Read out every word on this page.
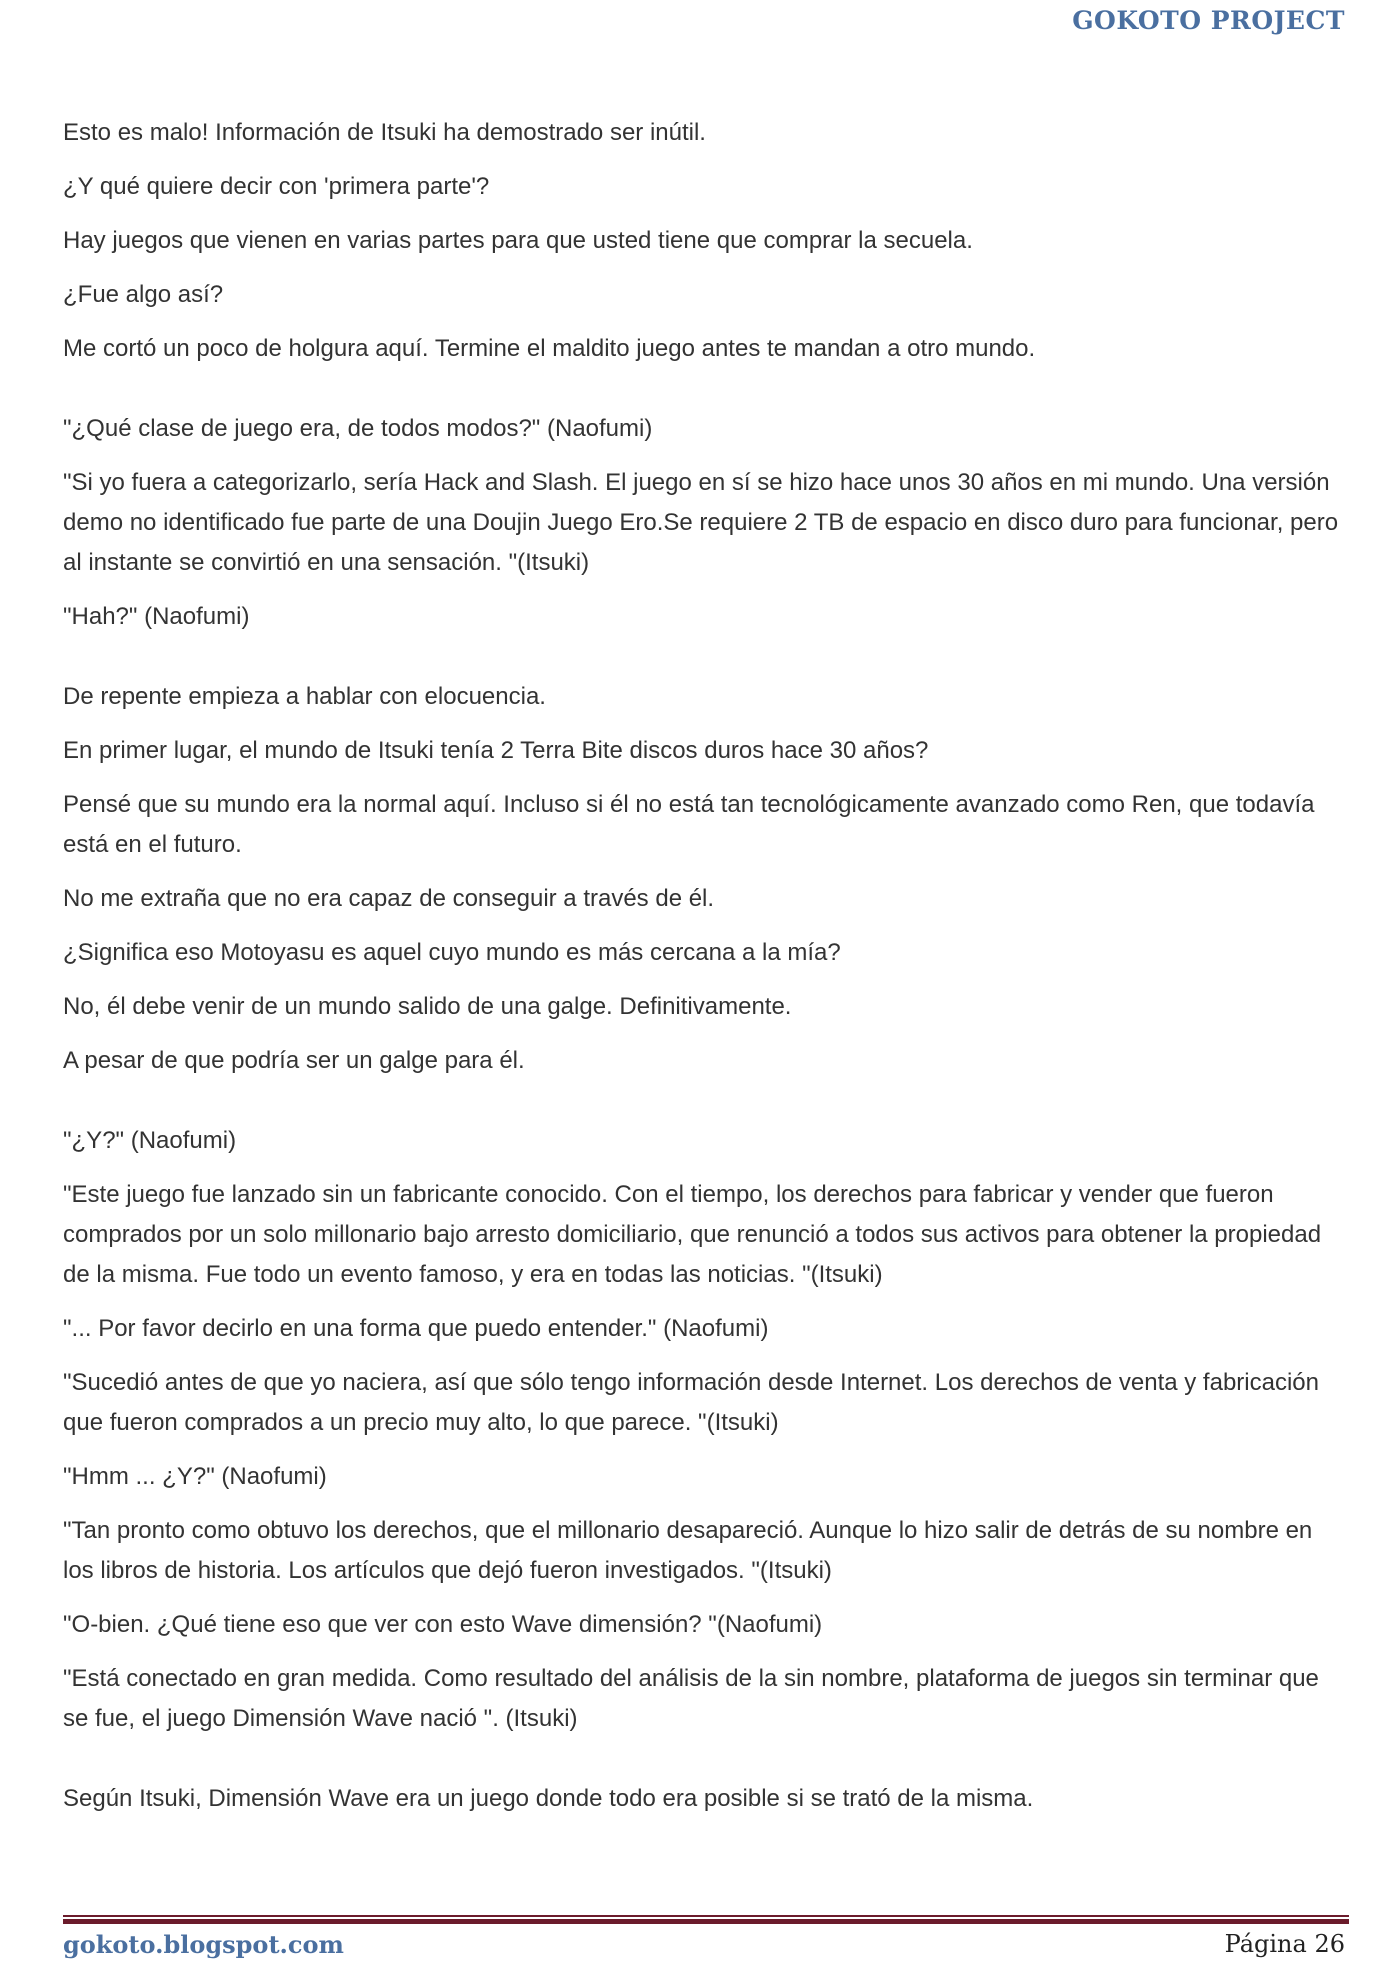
GOKOTO PROJECT

Esto es malo! Información de Itsuki ha demostrado ser inútil.

¿Y qué quiere decir con 'primera parte'?

Hay juegos que vienen en varias partes para que usted tiene que comprar la secuela.

¿Fue algo así?

Me cortó un poco de holgura aquí. Termine el maldito juego antes te mandan a otro mundo.

"¿Qué clase de juego era, de todos modos?" (Naofumi)

"Si yo fuera a categorizarlo, sería Hack and Slash. El juego en sí se hizo hace unos 30 años en mi mundo. Una versión demo no identificado fue parte de una Doujin Juego Ero.Se requiere 2 TB de espacio en disco duro para funcionar, pero al instante se convirtió en una sensación. "(Itsuki)

"Hah?" (Naofumi)

De repente empieza a hablar con elocuencia.

En primer lugar, el mundo de Itsuki tenía 2 Terra Bite discos duros hace 30 años?

Pensé que su mundo era la normal aquí. Incluso si él no está tan tecnológicamente avanzado como Ren, que todavía está en el futuro.

No me extraña que no era capaz de conseguir a través de él.

¿Significa eso Motoyasu es aquel cuyo mundo es más cercana a la mía?

No, él debe venir de un mundo salido de una galge. Definitivamente.

A pesar de que podría ser un galge para él.

"¿Y?" (Naofumi)

"Este juego fue lanzado sin un fabricante conocido. Con el tiempo, los derechos para fabricar y vender que fueron comprados por un solo millonario bajo arresto domiciliario, que renunció a todos sus activos para obtener la propiedad de la misma. Fue todo un evento famoso, y era en todas las noticias. "(Itsuki)

"... Por favor decirlo en una forma que puedo entender." (Naofumi)

"Sucedió antes de que yo naciera, así que sólo tengo información desde Internet. Los derechos de venta y fabricación que fueron comprados a un precio muy alto, lo que parece. "(Itsuki)

"Hmm ... ¿Y?" (Naofumi)

"Tan pronto como obtuvo los derechos, que el millonario desapareció. Aunque lo hizo salir de detrás de su nombre en los libros de historia. Los artículos que dejó fueron investigados. "(Itsuki)

"O-bien. ¿Qué tiene eso que ver con esto Wave dimensión? "(Naofumi)

"Está conectado en gran medida. Como resultado del análisis de la sin nombre, plataforma de juegos sin terminar que se fue, el juego Dimensión Wave nació ". (Itsuki)

Según Itsuki, Dimensión Wave era un juego donde todo era posible si se trató de la misma.

gokoto.blogspot.com	Página 26
